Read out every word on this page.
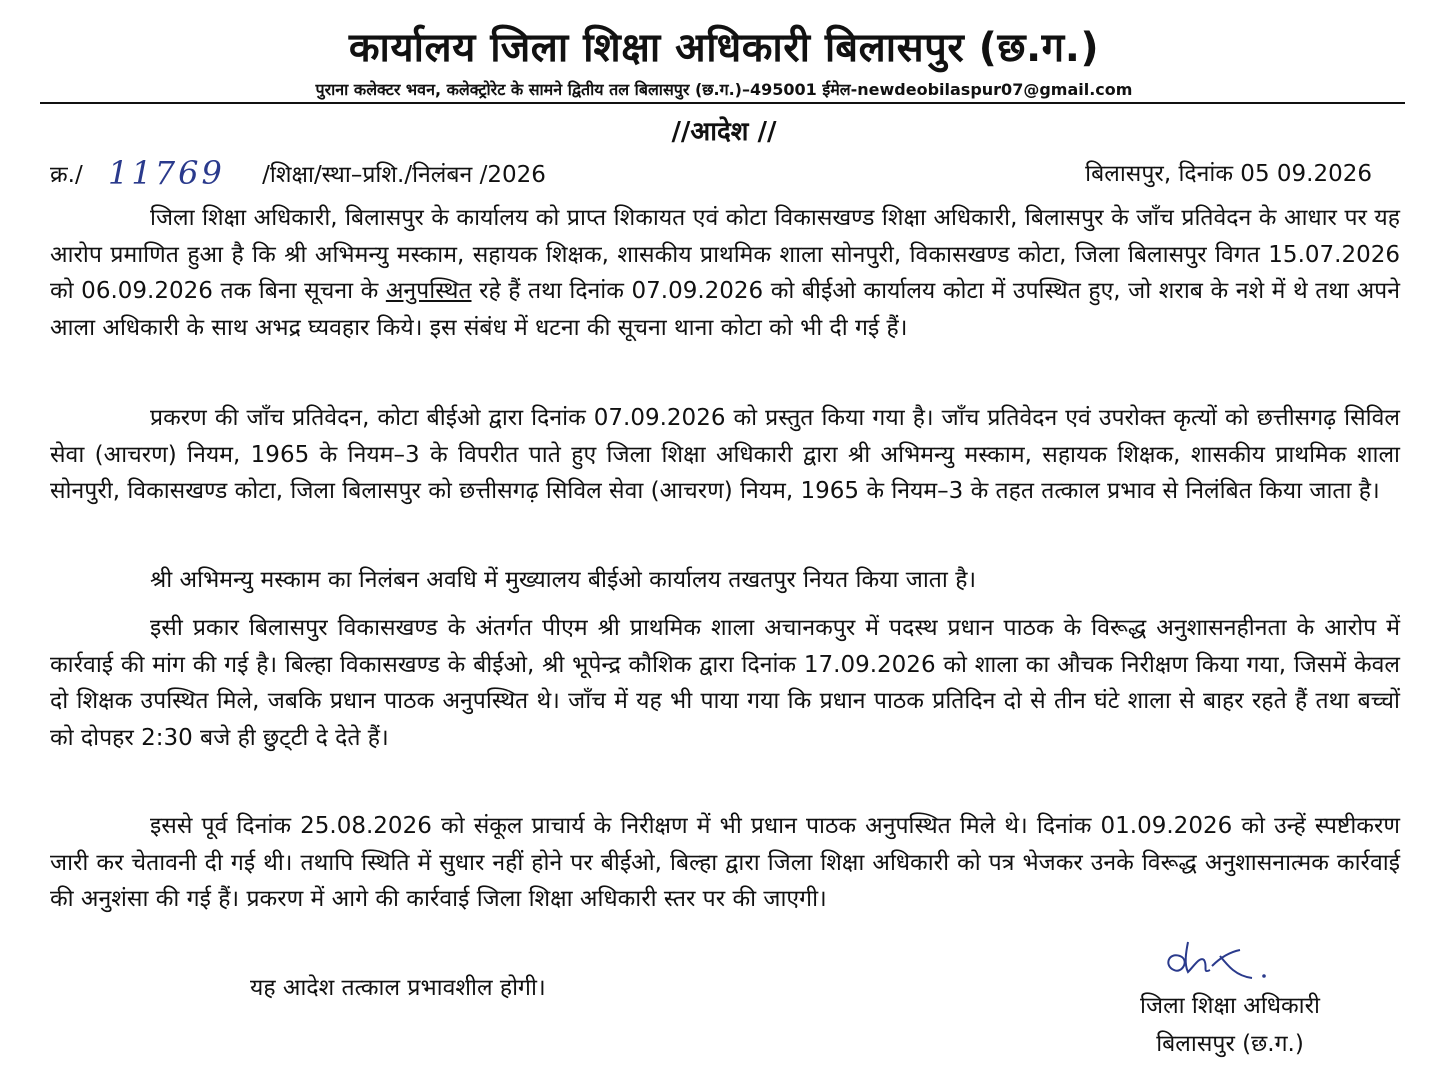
कार्यालय जिला शिक्षा अधिकारी बिलासपुर (छ.ग.)
पुराना कलेक्टर भवन, कलेक्ट्रोरेट के सामने द्वितीय तल बिलासपुर (छ.ग.)–495001 ईमेल-newdeobilaspur07@gmail.com
//आदेश //
क्र./ 11769 /शिक्षा/स्था–प्रशि./निलंबन /2026	बिलासपुर, दिनांक 05 09.2026

जिला शिक्षा अधिकारी, बिलासपुर के कार्यालय को प्राप्त शिकायत एवं कोटा विकासखण्ड शिक्षा अधिकारी, बिलासपुर के जाँच प्रतिवेदन के आधार पर यह आरोप प्रमाणित हुआ है कि श्री अभिमन्यु मस्काम, सहायक शिक्षक, शासकीय प्राथमिक शाला सोनपुरी, विकासखण्ड कोटा, जिला बिलासपुर विगत 15.07.2026 को 06.09.2026 तक बिना सूचना के अनुपस्थित रहे हैं तथा दिनांक 07.09.2026 को बीईओ कार्यालय कोटा में उपस्थित हुए, जो शराब के नशे में थे तथा अपने आला अधिकारी के साथ अभद्र घ्यवहार किये। इस संबंध में धटना की सूचना थाना कोटा को भी दी गई हैं।

प्रकरण की जाँच प्रतिवेदन, कोटा बीईओ द्वारा दिनांक 07.09.2026 को प्रस्तुत किया गया है। जाँच प्रतिवेदन एवं उपरोक्त कृत्यों को छत्तीसगढ़ सिविल सेवा (आचरण) नियम, 1965 के नियम–3 के विपरीत पाते हुए जिला शिक्षा अधिकारी द्वारा श्री अभिमन्यु मस्काम, सहायक शिक्षक, शासकीय प्राथमिक शाला सोनपुरी, विकासखण्ड कोटा, जिला बिलासपुर को छत्तीसगढ़ सिविल सेवा (आचरण) नियम, 1965 के नियम–3 के तहत तत्काल प्रभाव से निलंबित किया जाता है।

श्री अभिमन्यु मस्काम का निलंबन अवधि में मुख्यालय बीईओ कार्यालय तखतपुर नियत किया जाता है।

इसी प्रकार बिलासपुर विकासखण्ड के अंतर्गत पीएम श्री प्राथमिक शाला अचानकपुर में पदस्थ प्रधान पाठक के विरूद्ध अनुशासनहीनता के आरोप में कार्रवाई की मांग की गई है। बिल्हा विकासखण्ड के बीईओ, श्री भूपेन्द्र कौशिक द्वारा दिनांक 17.09.2026 को शाला का औचक निरीक्षण किया गया, जिसमें केवल दो शिक्षक उपस्थित मिले, जबकि प्रधान पाठक अनुपस्थित थे। जाँच में यह भी पाया गया कि प्रधान पाठक प्रतिदिन दो से तीन घंटे शाला से बाहर रहते हैं तथा बच्चों को दोपहर 2:30 बजे ही छुट्‌टी दे देते हैं।

इससे पूर्व दिनांक 25.08.2026 को संकूल प्राचार्य के निरीक्षण में भी प्रधान पाठक अनुपस्थित मिले थे। दिनांक 01.09.2026 को उन्हें स्पष्टीकरण जारी कर चेतावनी दी गई थी। तथापि स्थिति में सुधार नहीं होने पर बीईओ, बिल्हा द्वारा जिला शिक्षा अधिकारी को पत्र भेजकर उनके विरूद्ध अनुशासनात्मक कार्रवाई की अनुशंसा की गई हैं। प्रकरण में आगे की कार्रवाई जिला शिक्षा अधिकारी स्तर पर की जाएगी।

यह आदेश तत्काल प्रभावशील होगी।
जिला शिक्षा अधिकारी
बिलासपुर (छ.ग.)
